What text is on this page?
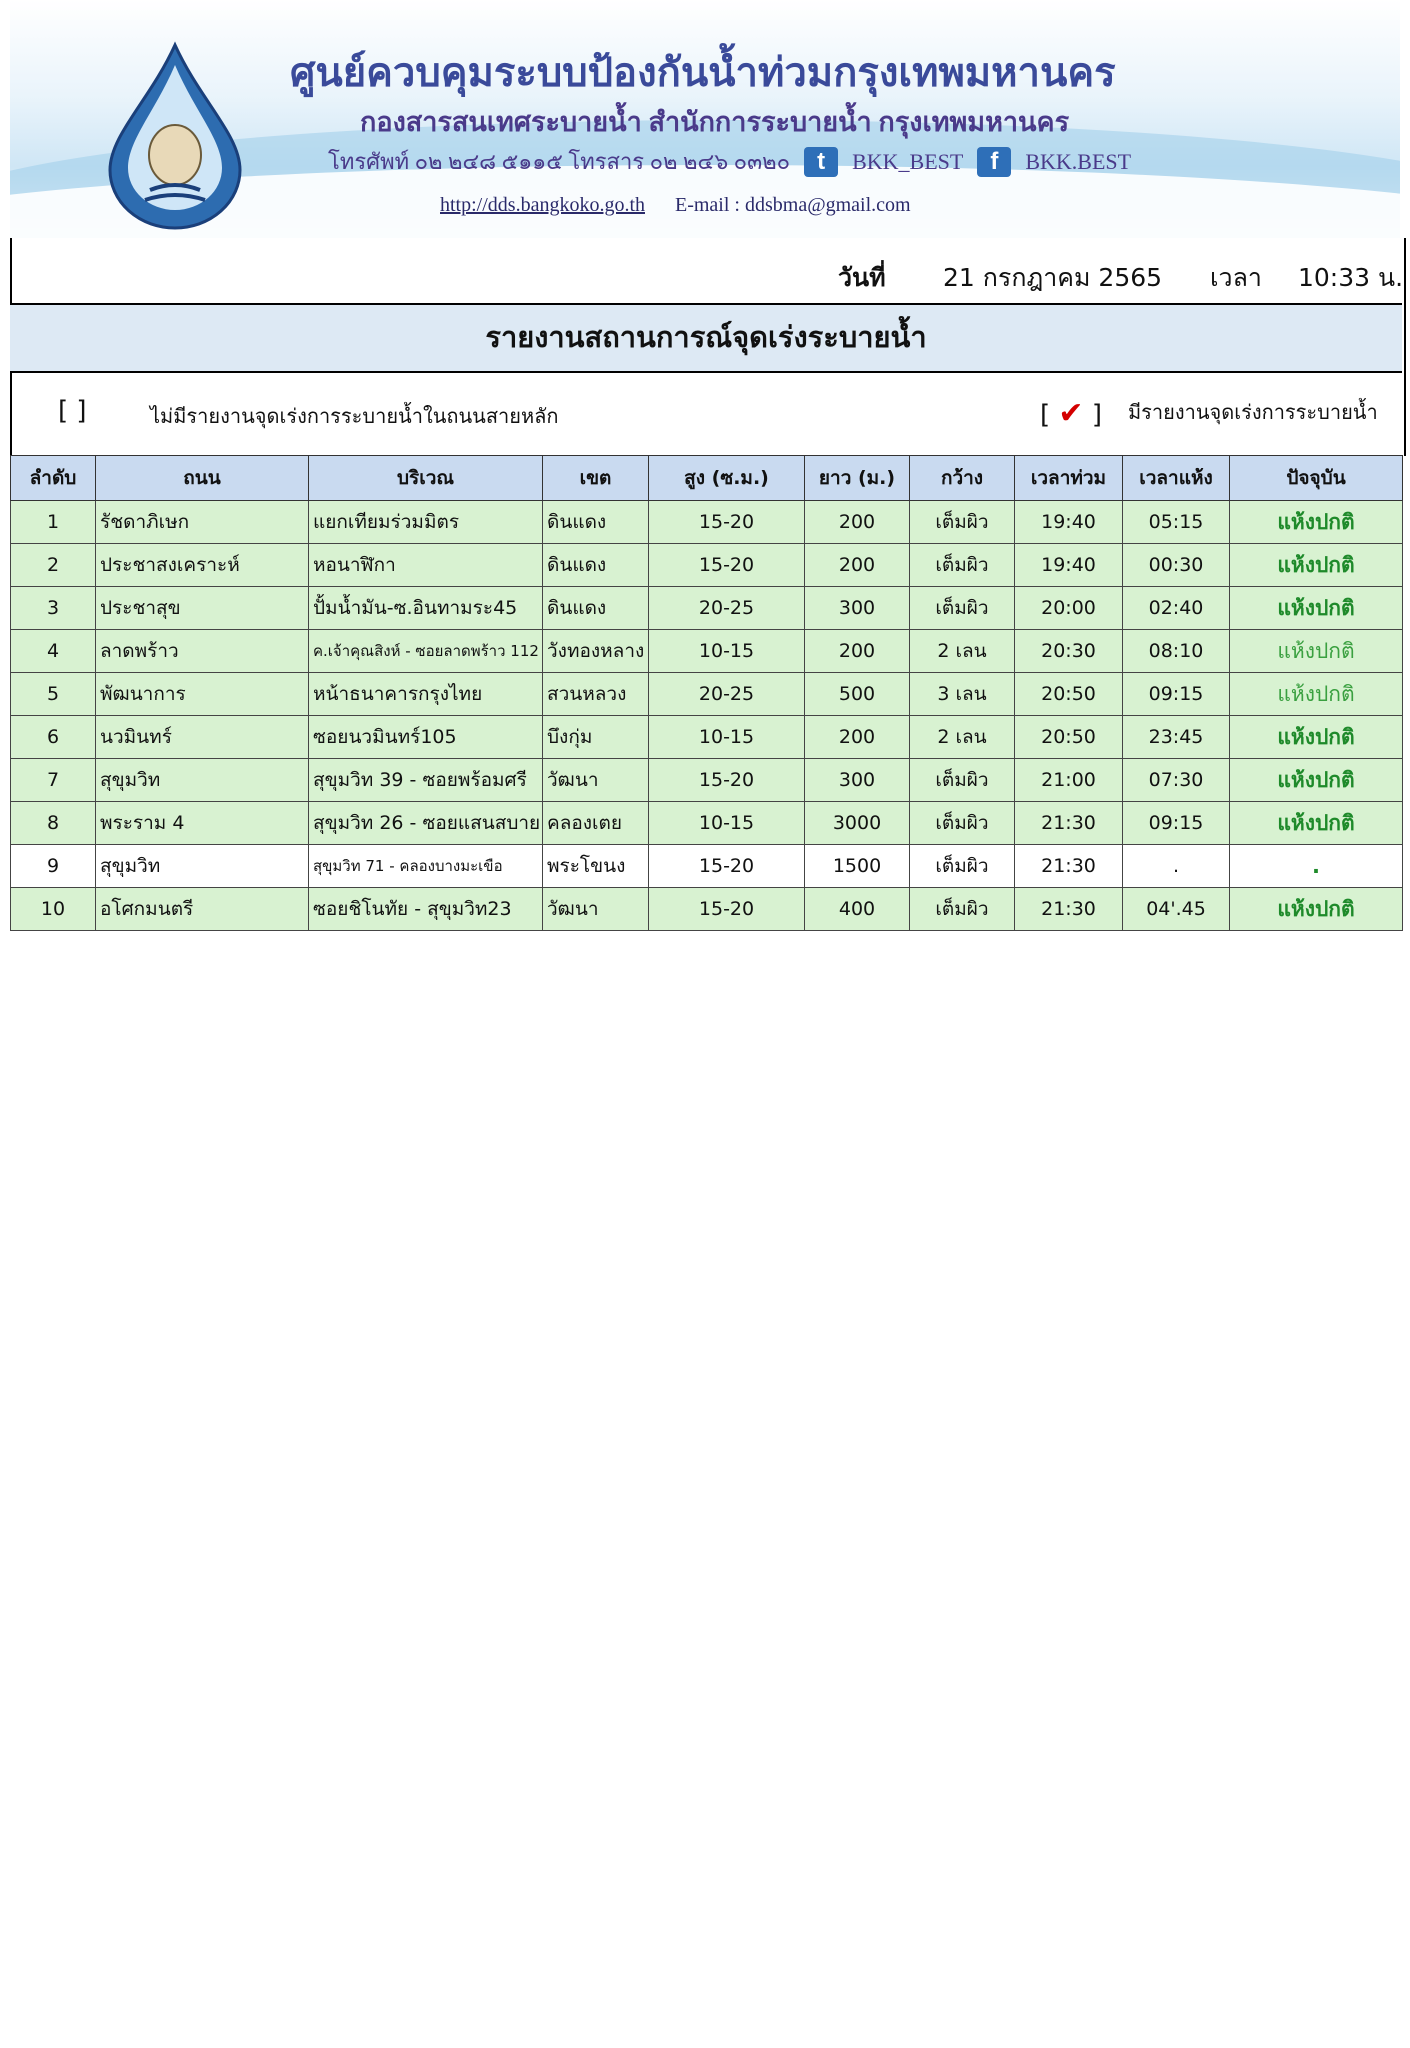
ศูนย์ควบคุมระบบป้องกันน้ำท่วมกรุงเทพมหานคร
กองสารสนเทศระบายน้ำ สำนักการระบายน้ำ กรุงเทพมหานคร
โทรศัพท์ ๐๒ ๒๔๘ ๕๑๑๕ โทรสาร ๐๒ ๒๔๖ ๐๓๒๐	t	BKK_BEST	f	BKK.BEST
http://dds.bangkoko.go.th E-mail : ddsbma@gmail.com
วันที่ 21 กรกฎาคม 2565 เวลา 10:33 น.
รายงานสถานการณ์จุดเร่งระบายน้ำ
[ ]	ไม่มีรายงานจุดเร่งการระบายน้ำในถนนสายหลัก	[ ✔ ] มีรายงานจุดเร่งการระบายน้ำ
ลำดับ	ถนน	บริเวณ	เขต	สูง (ซ.ม.)	ยาว (ม.)	กว้าง	เวลาท่วม	เวลาแห้ง	ปัจจุบัน
1	รัชดาภิเษก	แยกเทียมร่วมมิตร	ดินแดง	15-20	200	เต็มผิว	19:40	05:15	แห้งปกติ
2	ประชาสงเคราะห์	หอนาฬิกา	ดินแดง	15-20	200	เต็มผิว	19:40	00:30	แห้งปกติ
3	ประชาสุข	ปั้มน้ำมัน-ซ.อินทามระ45	ดินแดง	20-25	300	เต็มผิว	20:00	02:40	แห้งปกติ
4	ลาดพร้าว	ค.เจ้าคุณสิงห์ - ซอยลาดพร้าว 112	วังทองหลาง	10-15	200	2 เลน	20:30	08:10	แห้งปกติ
5	พัฒนาการ	หน้าธนาคารกรุงไทย	สวนหลวง	20-25	500	3 เลน	20:50	09:15	แห้งปกติ
6	นวมินทร์	ซอยนวมินทร์105	บึงกุ่ม	10-15	200	2 เลน	20:50	23:45	แห้งปกติ
7	สุขุมวิท	สุขุมวิท 39 - ซอยพร้อมศรี	วัฒนา	15-20	300	เต็มผิว	21:00	07:30	แห้งปกติ
8	พระราม 4	สุขุมวิท 26 - ซอยแสนสบาย	คลองเตย	10-15	3000	เต็มผิว	21:30	09:15	แห้งปกติ
9	สุขุมวิท	สุขุมวิท 71 - คลองบางมะเขือ	พระโขนง	15-20	1500	เต็มผิว	21:30	.	.
10	อโศกมนตรี	ซอยชิโนทัย - สุขุมวิท23	วัฒนา	15-20	400	เต็มผิว	21:30	04'.45	แห้งปกติ
